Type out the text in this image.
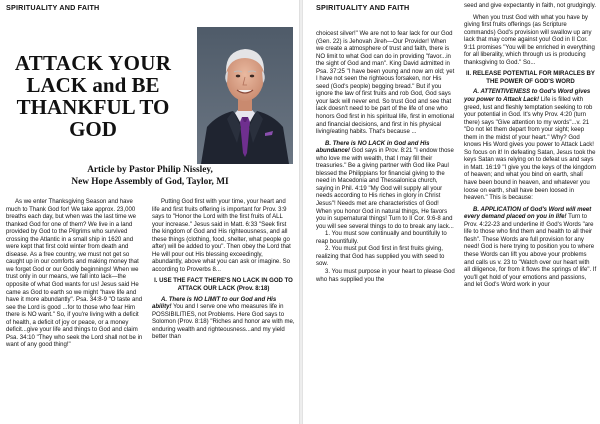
SPIRITUALITY AND FAITH
ATTACK YOUR
LACK and BE
THANKFUL TO
GOD
Article by Pastor Philip Nissley,
New Hope Assembly of God, Taylor, MI

As we enter Thanksgiving Season and have much to Thank God for! We take approx. 23,000 breaths each day, but when was the last time we thanked God for one of them? We live in a land provided by God to the Pilgrims who survived crossing the Atlantic in a small ship in 1620 and were kept that first cold winter from death and disease. As a free country, we must not get so caught up in our comforts and making money that we forget God or our Godly beginnings! When we trust only in our means, we fall into lack—the opposite of what God wants for us! Jesus said He came as God to earth so we might "have life and have it more abundantly". Psa. 34:8-9 "O taste and see the Lord is good ...for to those who fear Him there is NO want." So, if you're living with a deficit of health, a deficit of joy or peace, or a money deficit...give your life and things to God and claim Psa. 34:10 "They who seek the Lord shall not be in want of any good thing!"

Putting God first with your time, your heart and life and first fruits offering is important for Prov. 3:9 says to "Honor the Lord with the first fruits of ALL your increase." Jesus said in Matt. 6:33 "Seek first the kingdom of God and His righteousness, and all these things (clothing, food, shelter, what people go after) will be added to you". Then obey the Lord that He will pour out His blessing exceedingly, abundantly, above what you can ask or imagine. So according to Proverbs 8...

I. USE THE FACT THERE'S NO LACK IN GOD TO ATTACK OUR LACK (Prov. 8:18)

A. There is NO LIMIT to our God and His ability! You and I serve one who measures life in POSSIBILITIES, not Problems. Here God says to Solomon (Prov. 8:18) "Riches and honor are with me, enduring wealth and righteousness...and my yield better than

SPIRITUALITY AND FAITH

choicest silver!" We are not to fear lack for our God (Gen. 22) is Jehovah Jireh—Our Provider! When we create a atmosphere of trust and faith, there is NO limit to what God can do in providing "favor...in the sight of God and man". King David admitted in Psa. 37:25 "I have been young and now am old; yet I have not seen the righteous forsaken, nor His seed (God's people) begging bread." But if you ignore the law of first fruits and rob God, God says your lack will never end. So trust God and see that lack doesn't need to be part of the life of one who honors God first in his spiritual life, first in emotional and financial decisions, and first in his physical living/eating habits. That's because ...

B. There is NO LACK in God and His abundance! God says in Prov. 8:21 "I endow those who love me with wealth, that I may fill their treasuries." Be a giving partner with God like Paul blessed the Philippians for financial giving to the need in Macedonia and Thessalonica church, saying in Phil. 4:19 "My God will supply all your needs according to His riches in glory in Christ Jesus"! Needs met are characteristics of God! When you honor God in natural things, He favors you in supernatural things! Turn to II Cor. 9:6-8 and you will see several things to do to break any lack...

1. You must sow continually and bountifully to reap bountifully.

2. You must put God first in first fruits giving, realizing that God has supplied you with seed to sow.

3. You must purpose in your heart to please God who has supplied you the

seed and give expectantly in faith, not grudgingly.

When you trust God with what you have by giving first fruits offerings (as Scripture commands) God's provision will swallow up any lack that may come against you! God in II Cor. 9:11 promises "You will be enriched in everything for all liberality, which through us is producing thanksgiving to God." So...

II. RELEASE POTENTIAL FOR MIRACLES BY THE POWER OF GOD'S WORD

A. ATTENTIVENESS to God's Word gives you power to Attack Lack! Life is filled with greed, lust and fleshly temptation seeking to rob your potential in God. It's why Prov. 4:20 (turn there) says "Give attention to my words"...v. 21 "Do not let them depart from your sight; keep them in the midst of your heart." Why? God knows His Word gives you power to Attack Lack! So focus on it! In defeating Satan, Jesus took the keys Satan was relying on to defeat us and says in Matt. 16:19 "I give you the keys of the kingdom of heaven; and what you bind on earth, shall have been bound in heaven, and whatever you loose on earth, shall have been loosed in heaven." This is because:

B. APPLICATION of God's Word will meet every demand placed on you in life! Turn to Prov. 4:22-23 and underline it! God's Words "are life to those who find them and health to all their flesh". These Words are full provision for any need! God is here trying to position you to where these Words can lift you above your problems and calls us v. 23 to "Watch over our heart with all diligence, for from it flows the springs of life". If you'll get hold of your emotions and passions, and let God's Word work in your
